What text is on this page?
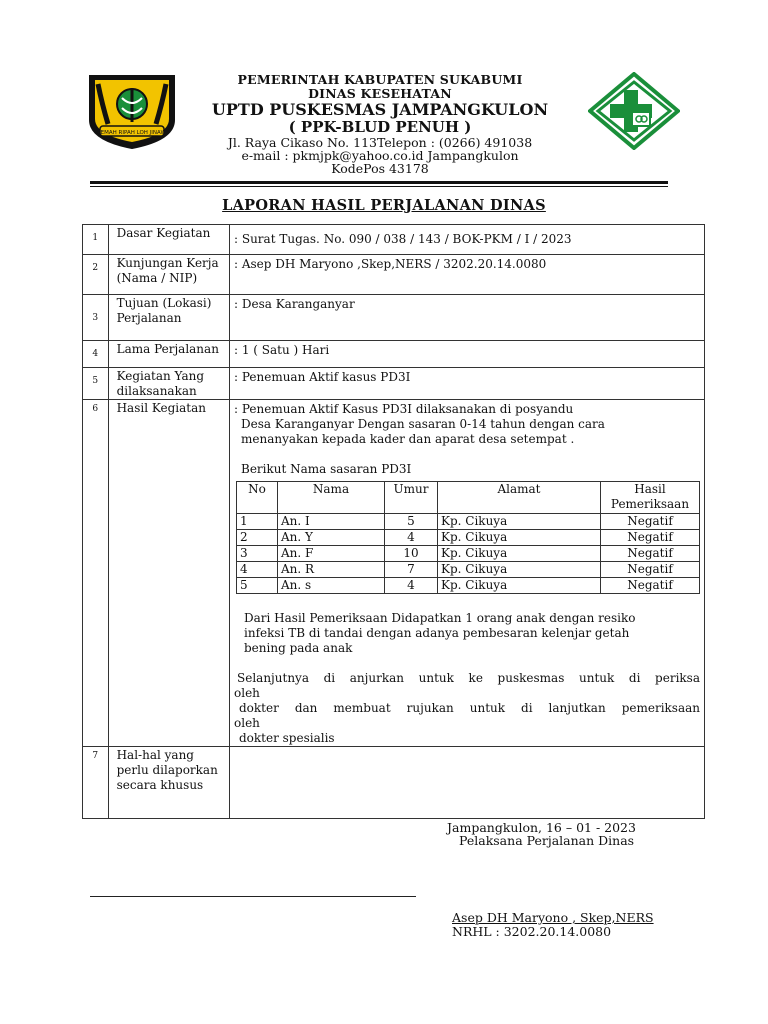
GEMAH RIPAH LOH JINAWI
PEMERINTAH KABUPATEN SUKABUMI
DINAS KESEHATAN
UPTD PUSKESMAS JAMPANGKULON
( PPK-BLUD PENUH )
Jl. Raya Cikaso No. 113Telepon : (0266) 491038
e-mail : pkmjpk@yahoo.co.id Jampangkulon
KodePos 43178
LAPORAN HASIL PERJALANAN DINAS
1	Dasar Kegiatan	: Surat Tugas. No. 090 / 038 / 143 / BOK-PKM / I / 2023
2	Kunjungan Kerja (Nama / NIP)	: Asep DH Maryono ,Skep,NERS / 3202.20.14.0080
3	Tujuan (Lokasi) Perjalanan	: Desa Karanganyar
4	Lama Perjalanan	: 1 ( Satu ) Hari
5	Kegiatan Yang dilaksanakan	: Penemuan Aktif kasus PD3I
6	Hasil Kegiatan	: Penemuan Aktif Kasus PD3I dilaksanakan di posyandu

Desa Karanganyar Dengan sasaran 0-14 tahun dengan cara

menanyakan kepada kader dan aparat desa setempat .

Berikut Nama sasaran PD3I

No	Nama	Umur	Alamat	Hasil Pemeriksaan
1	An. I	5	Kp. Cikuya	Negatif
2	An. Y	4	Kp. Cikuya	Negatif
3	An. F	10	Kp. Cikuya	Negatif
4	An. R	7	Kp. Cikuya	Negatif
5	An. s	4	Kp. Cikuya	Negatif

Dari Hasil Pemeriksaan Didapatkan 1 orang anak dengan resiko

infeksi TB di tandai dengan adanya pembesaran kelenjar getah

bening pada anak

Selanjutnya di anjurkan untuk ke puskesmas untuk di periksa

oleh

dokter dan membuat rujukan untuk di lanjutkan pemeriksaan

oleh

dokter spesialis

7	Hal-hal yang perlu dilaporkan secara khusus	
Jampangkulon, 16 – 01 - 2023
Pelaksana Perjalanan Dinas
Asep DH Maryono , Skep,NERS
NRHL : 3202.20.14.0080
